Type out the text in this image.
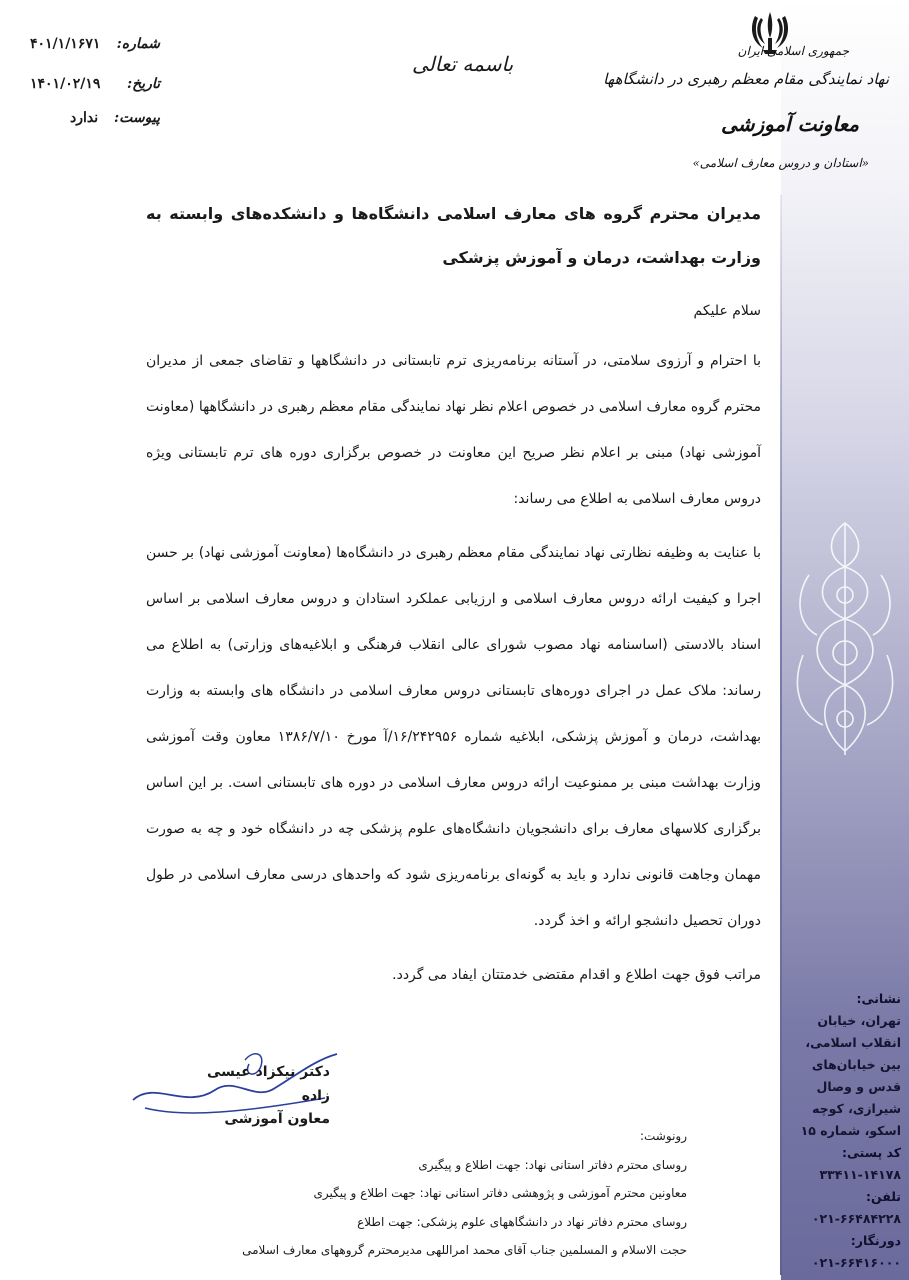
جمهوری اسلامی ایران
نهاد نمایندگی مقام معظم رهبری در دانشگاهها
معاونت آموزشی
«استادان و دروس معارف اسلامی»
باسمه تعالی
شماره:
۴۰۱/۱/۱۶۷۱
تاریخ:
۱۴۰۱/۰۲/۱۹
پیوست:
ندارد
مدیران محترم گروه های معارف اسلامی دانشگاه‌ها و دانشکده‌های وابسته به وزارت بهداشت، درمان و آموزش پزشکی
سلام علیکم
با احترام و آرزوی سلامتی، در آستانه برنامه‌ریزی ترم تابستانی در دانشگاهها و تقاضای جمعی از مدیران محترم گروه معارف اسلامی در خصوص اعلام نظر نهاد نمایندگی مقام معظم رهبری در دانشگاهها (معاونت آموزشی نهاد) مبنی بر اعلام نظر صریح این معاونت در خصوص برگزاری دوره های ترم تابستانی ویژه دروس معارف اسلامی به اطلاع می رساند:
با عنایت به وظیفه نظارتی نهاد نمایندگی مقام معظم رهبری در دانشگاه‌ها (معاونت آموزشی نهاد) بر حسن اجرا و کیفیت ارائه دروس معارف اسلامی و ارزیابی عملکرد استادان و دروس معارف اسلامی بر اساس اسناد بالادستی (اساسنامه نهاد مصوب شورای عالی انقلاب فرهنگی و ابلاغیه‌های وزارتی) به اطلاع می رساند: ملاک عمل در اجرای دوره‌های تابستانی دروس معارف اسلامی در دانشگاه های وابسته به وزارت بهداشت، درمان و آموزش پزشکی، ابلاغیه شماره ۱۶/۲۴۲۹۵۶/آ مورخ ۱۳۸۶/۷/۱۰ معاون وقت آموزشی وزارت بهداشت مبنی بر ممنوعیت ارائه دروس معارف اسلامی در دوره های تابستانی است. بر این اساس برگزاری کلاسهای معارف برای دانشجویان دانشگاه‌های علوم پزشکی چه در دانشگاه خود و چه به صورت مهمان وجاهت قانونی ندارد و باید به گونه‌ای برنامه‌ریزی شود که واحدهای درسی معارف اسلامی در طول دوران تحصیل دانشجو ارائه و اخذ گردد.
مراتب فوق جهت اطلاع و اقدام مقتضی خدمتتان ایفاد می گردد.
دکتر نیکزاد عیسی زاده
معاون آموزشی
رونوشت:
روسای محترم دفاتر استانی نهاد: جهت اطلاع و پیگیری
معاونین محترم آموزشی و پژوهشی دفاتر استانی نهاد: جهت اطلاع و پیگیری
روسای محترم دفاتر نهاد در دانشگاههای علوم پزشکی: جهت اطلاع
حجت الاسلام و المسلمین جناب آقای محمد امراللهی مدیرمحترم گروههای معارف اسلامی
نشانی:
تهران، خیابان انقلاب اسلامی، بین خیابان‌های قدس و وصال شیرازی، کوچه اسکو، شماره ۱۵
کد پستی:
۳۳۴۱۱-۱۴۱۷۸
تلفن:
۰۲۱-۶۶۴۸۴۲۲۸
دورنگار:
۰۲۱-۶۶۴۱۶۰۰۰
